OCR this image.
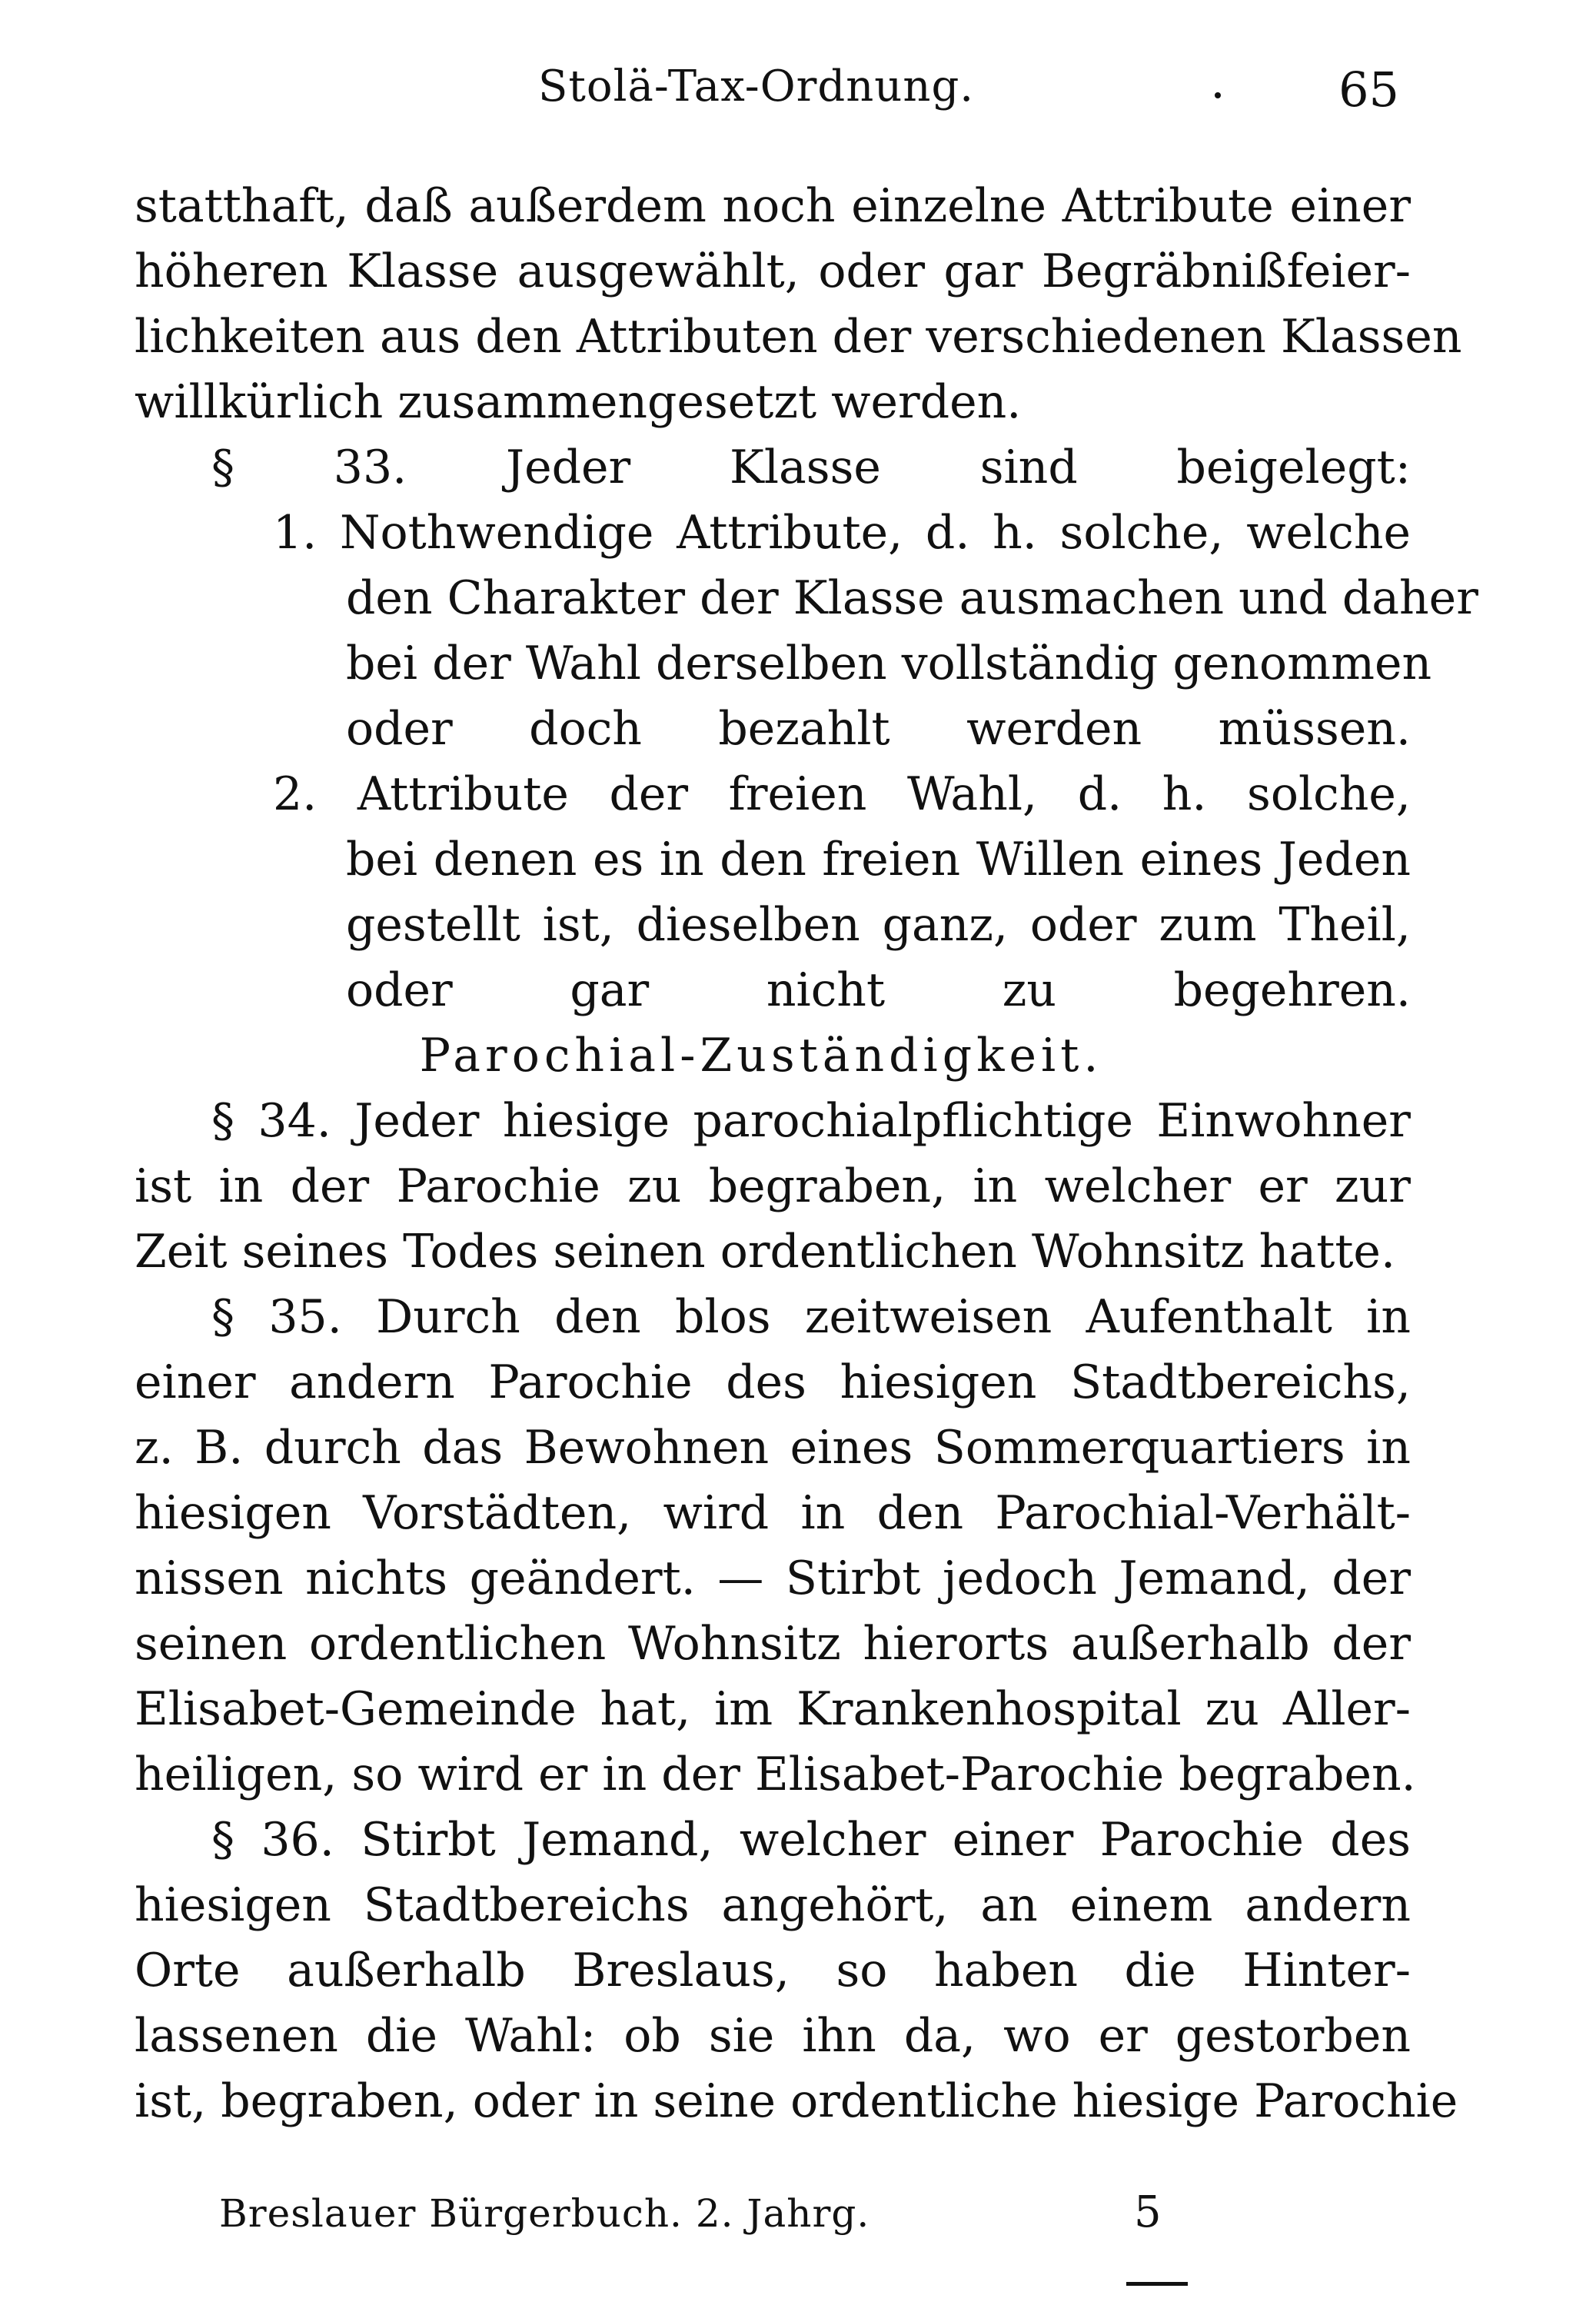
Stolä-Tax-Ordnung.	65
statthaft, daß außerdem noch einzelne Attribute einer
höheren Klasse ausgewählt, oder gar Begräbnißfeier-
lichkeiten aus den Attributen der verschiedenen Klassen
willkürlich zusammengesetzt werden.
§ 33. Jeder Klasse sind beigelegt:
1. Nothwendige Attribute, d. h. solche, welche
den Charakter der Klasse ausmachen und daher
bei der Wahl derselben vollständig genommen
oder doch bezahlt werden müssen.
2. Attribute der freien Wahl, d. h. solche,
bei denen es in den freien Willen eines Jeden
gestellt ist, dieselben ganz, oder zum Theil,
oder gar nicht zu begehren.
Parochial-Zuständigkeit.
§ 34. Jeder hiesige parochialpflichtige Einwohner
ist in der Parochie zu begraben, in welcher er zur
Zeit seines Todes seinen ordentlichen Wohnsitz hatte.
§ 35. Durch den blos zeitweisen Aufenthalt in
einer andern Parochie des hiesigen Stadtbereichs,
z. B. durch das Bewohnen eines Sommerquartiers in
hiesigen Vorstädten, wird in den Parochial-Verhält-
nissen nichts geändert. — Stirbt jedoch Jemand, der
seinen ordentlichen Wohnsitz hierorts außerhalb der
Elisabet-Gemeinde hat, im Krankenhospital zu Aller-
heiligen, so wird er in der Elisabet-Parochie begraben.
§ 36. Stirbt Jemand, welcher einer Parochie des
hiesigen Stadtbereichs angehört, an einem andern
Orte außerhalb Breslaus, so haben die Hinter-
lassenen die Wahl: ob sie ihn da, wo er gestorben
ist, begraben, oder in seine ordentliche hiesige Parochie
Breslauer Bürgerbuch. 2. Jahrg.	5
